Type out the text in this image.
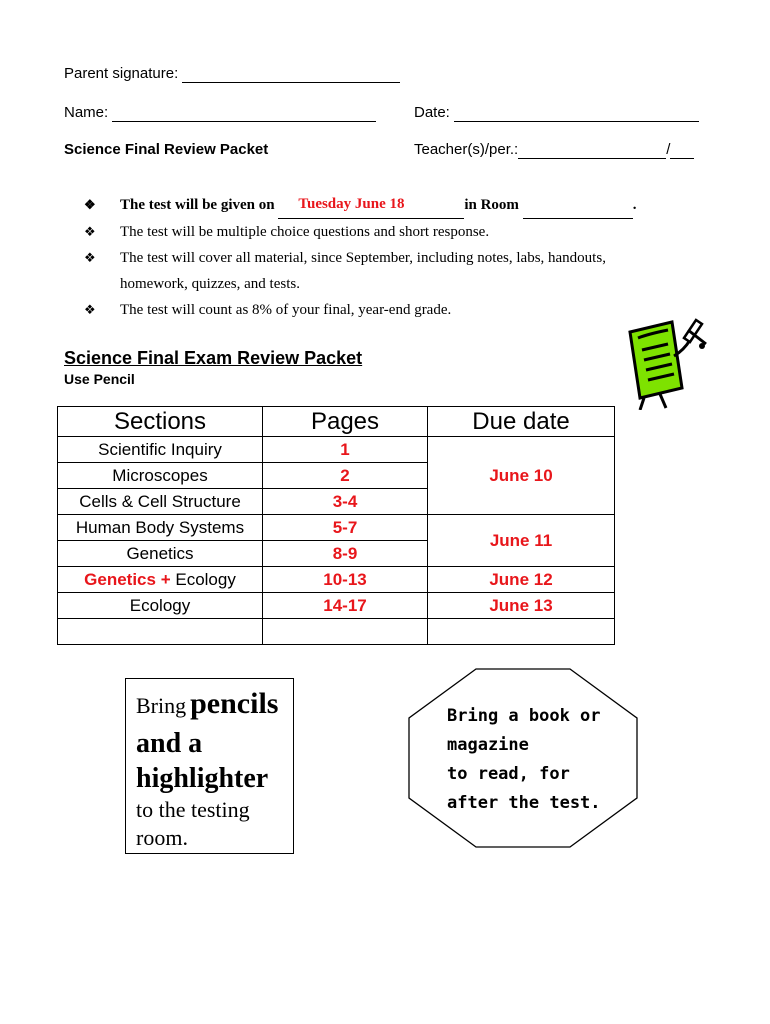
Parent signature:
Name:	Date:
Science Final Review Packet	Teacher(s)/per.:	/
❖ The test will be given on Tuesday June 18	in Room	.
❖ The test will be multiple choice questions and short response.
❖ The test will cover all material, since September, including notes, labs, handouts,
homework, quizzes, and tests.
❖ The test will count as 8% of your final, year-end grade.
Science Final Exam Review Packet
Use Pencil
Sections	Pages	Due date
Scientific Inquiry	1	June 10
Microscopes	2	
Cells & Cell Structure	3-4	
Human Body Systems	5-7	June 11
Genetics	8-9	
Genetics + Ecology	10-13	June 12
Ecology	14-17	June 13

Bring pencils
and a
highlighter
to the testing
room.
Bring a book or
magazine
to read, for
after the test.
